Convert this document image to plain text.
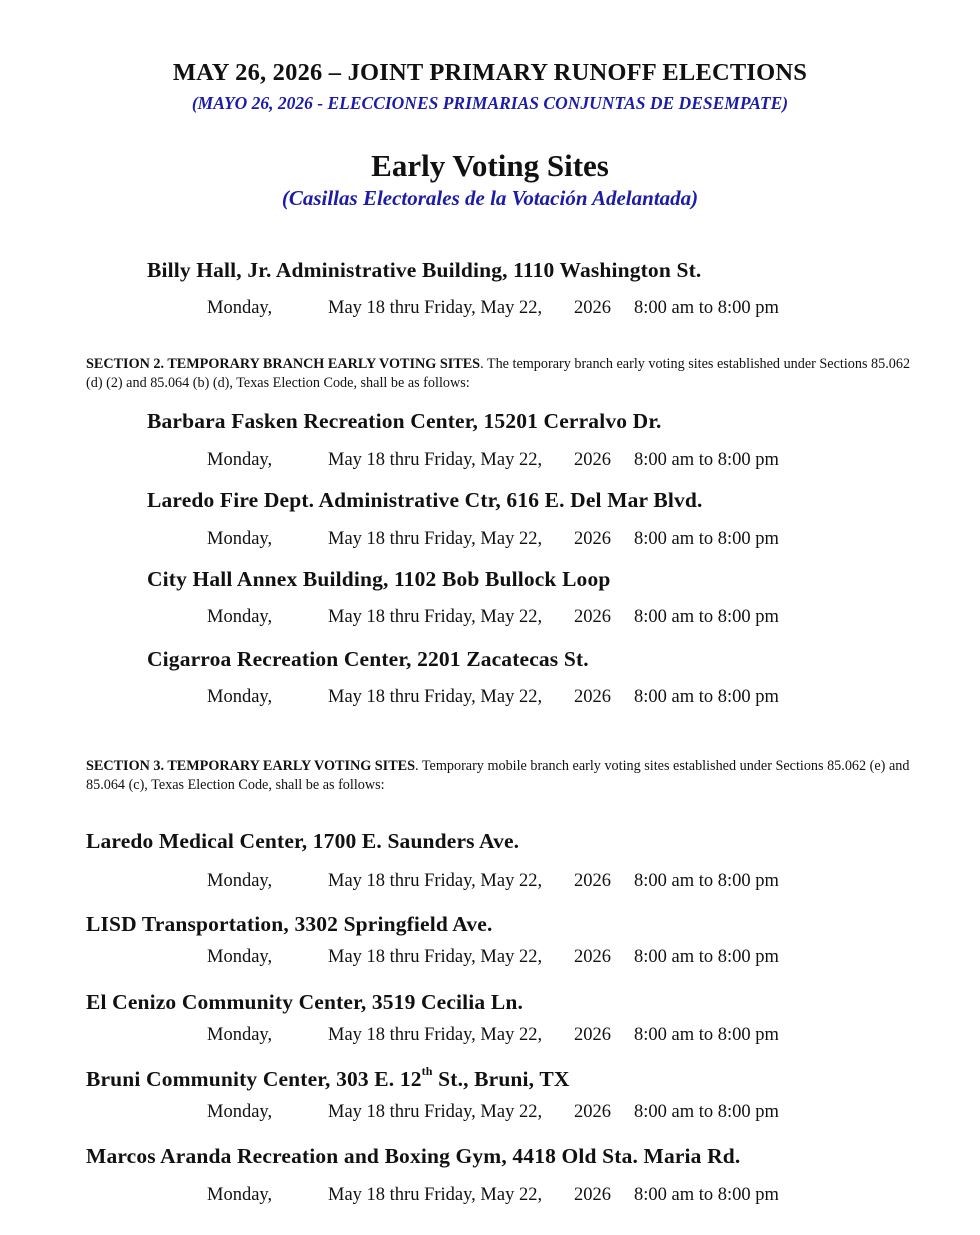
MAY 26, 2026 – JOINT PRIMARY RUNOFF ELECTIONS
(MAYO 26, 2026 - ELECCIONES PRIMARIAS CONJUNTAS DE DESEMPATE)
Early Voting Sites
(Casillas Electorales de la Votación Adelantada)
Billy Hall, Jr. Administrative Building, 1110 Washington St.
Monday,	May 18 thru Friday, May 22, 2026 8:00 am to 8:00 pm
SECTION 2. TEMPORARY BRANCH EARLY VOTING SITES. The temporary branch early voting sites established under Sections 85.062 (d) (2) and 85.064 (b) (d), Texas Election Code, shall be as follows:
Barbara Fasken Recreation Center, 15201 Cerralvo Dr.
Monday,	May 18 thru Friday, May 22, 2026 8:00 am to 8:00 pm
Laredo Fire Dept. Administrative Ctr, 616 E. Del Mar Blvd.
Monday,	May 18 thru Friday, May 22, 2026 8:00 am to 8:00 pm
City Hall Annex Building, 1102 Bob Bullock Loop
Monday,	May 18 thru Friday, May 22, 2026 8:00 am to 8:00 pm
Cigarroa Recreation Center, 2201 Zacatecas St.
Monday,	May 18 thru Friday, May 22, 2026 8:00 am to 8:00 pm
SECTION 3. TEMPORARY EARLY VOTING SITES. Temporary mobile branch early voting sites established under Sections 85.062 (e) and 85.064 (c), Texas Election Code, shall be as follows:
Laredo Medical Center, 1700 E. Saunders Ave.
Monday,	May 18 thru Friday, May 22, 2026 8:00 am to 8:00 pm
LISD Transportation, 3302 Springfield Ave.
Monday,	May 18 thru Friday, May 22, 2026 8:00 am to 8:00 pm
El Cenizo Community Center, 3519 Cecilia Ln.
Monday,	May 18 thru Friday, May 22, 2026 8:00 am to 8:00 pm
Bruni Community Center, 303 E. 12th St., Bruni, TX
Monday,	May 18 thru Friday, May 22, 2026 8:00 am to 8:00 pm
Marcos Aranda Recreation and Boxing Gym, 4418 Old Sta. Maria Rd.
Monday,	May 18 thru Friday, May 22, 2026 8:00 am to 8:00 pm
